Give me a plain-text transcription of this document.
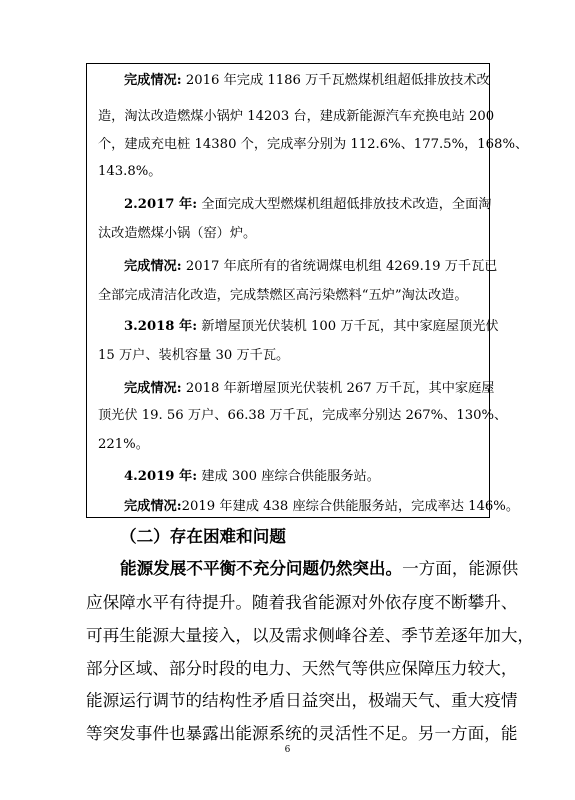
完成情况: 2016 年完成 1186 万千瓦燃煤机组超低排放技术改
造，淘汰改造燃煤小锅炉 14203 台，建成新能源汽车充换电站 200
个，建成充电桩 14380 个，完成率分别为 112.6%、177.5%，168%、
143.8%。
2.2017 年: 全面完成大型燃煤机组超低排放技术改造，全面淘
汰改造燃煤小锅（窑）炉。
完成情况: 2017 年底所有的省统调煤电机组 4269.19 万千瓦已
全部完成清洁化改造，完成禁燃区高污染燃料“五炉”淘汰改造。
3.2018 年: 新增屋顶光伏装机 100 万千瓦，其中家庭屋顶光伏
15 万户、装机容量 30 万千瓦。
完成情况: 2018 年新增屋顶光伏装机 267 万千瓦，其中家庭屋
顶光伏 19. 56 万户、66.38 万千瓦，完成率分别达 267%、130%、
221%。
4.2019 年: 建成 300 座综合供能服务站。
完成情况:2019 年建成 438 座综合供能服务站，完成率达 146%。
（二）存在困难和问题
能源发展不平衡不充分问题仍然突出。一方面，能源供
应保障水平有待提升。随着我省能源对外依存度不断攀升、
可再生能源大量接入，以及需求侧峰谷差、季节差逐年加大，
部分区域、部分时段的电力、天然气等供应保障压力较大，
能源运行调节的结构性矛盾日益突出，极端天气、重大疫情
等突发事件也暴露出能源系统的灵活性不足。另一方面，能
6
